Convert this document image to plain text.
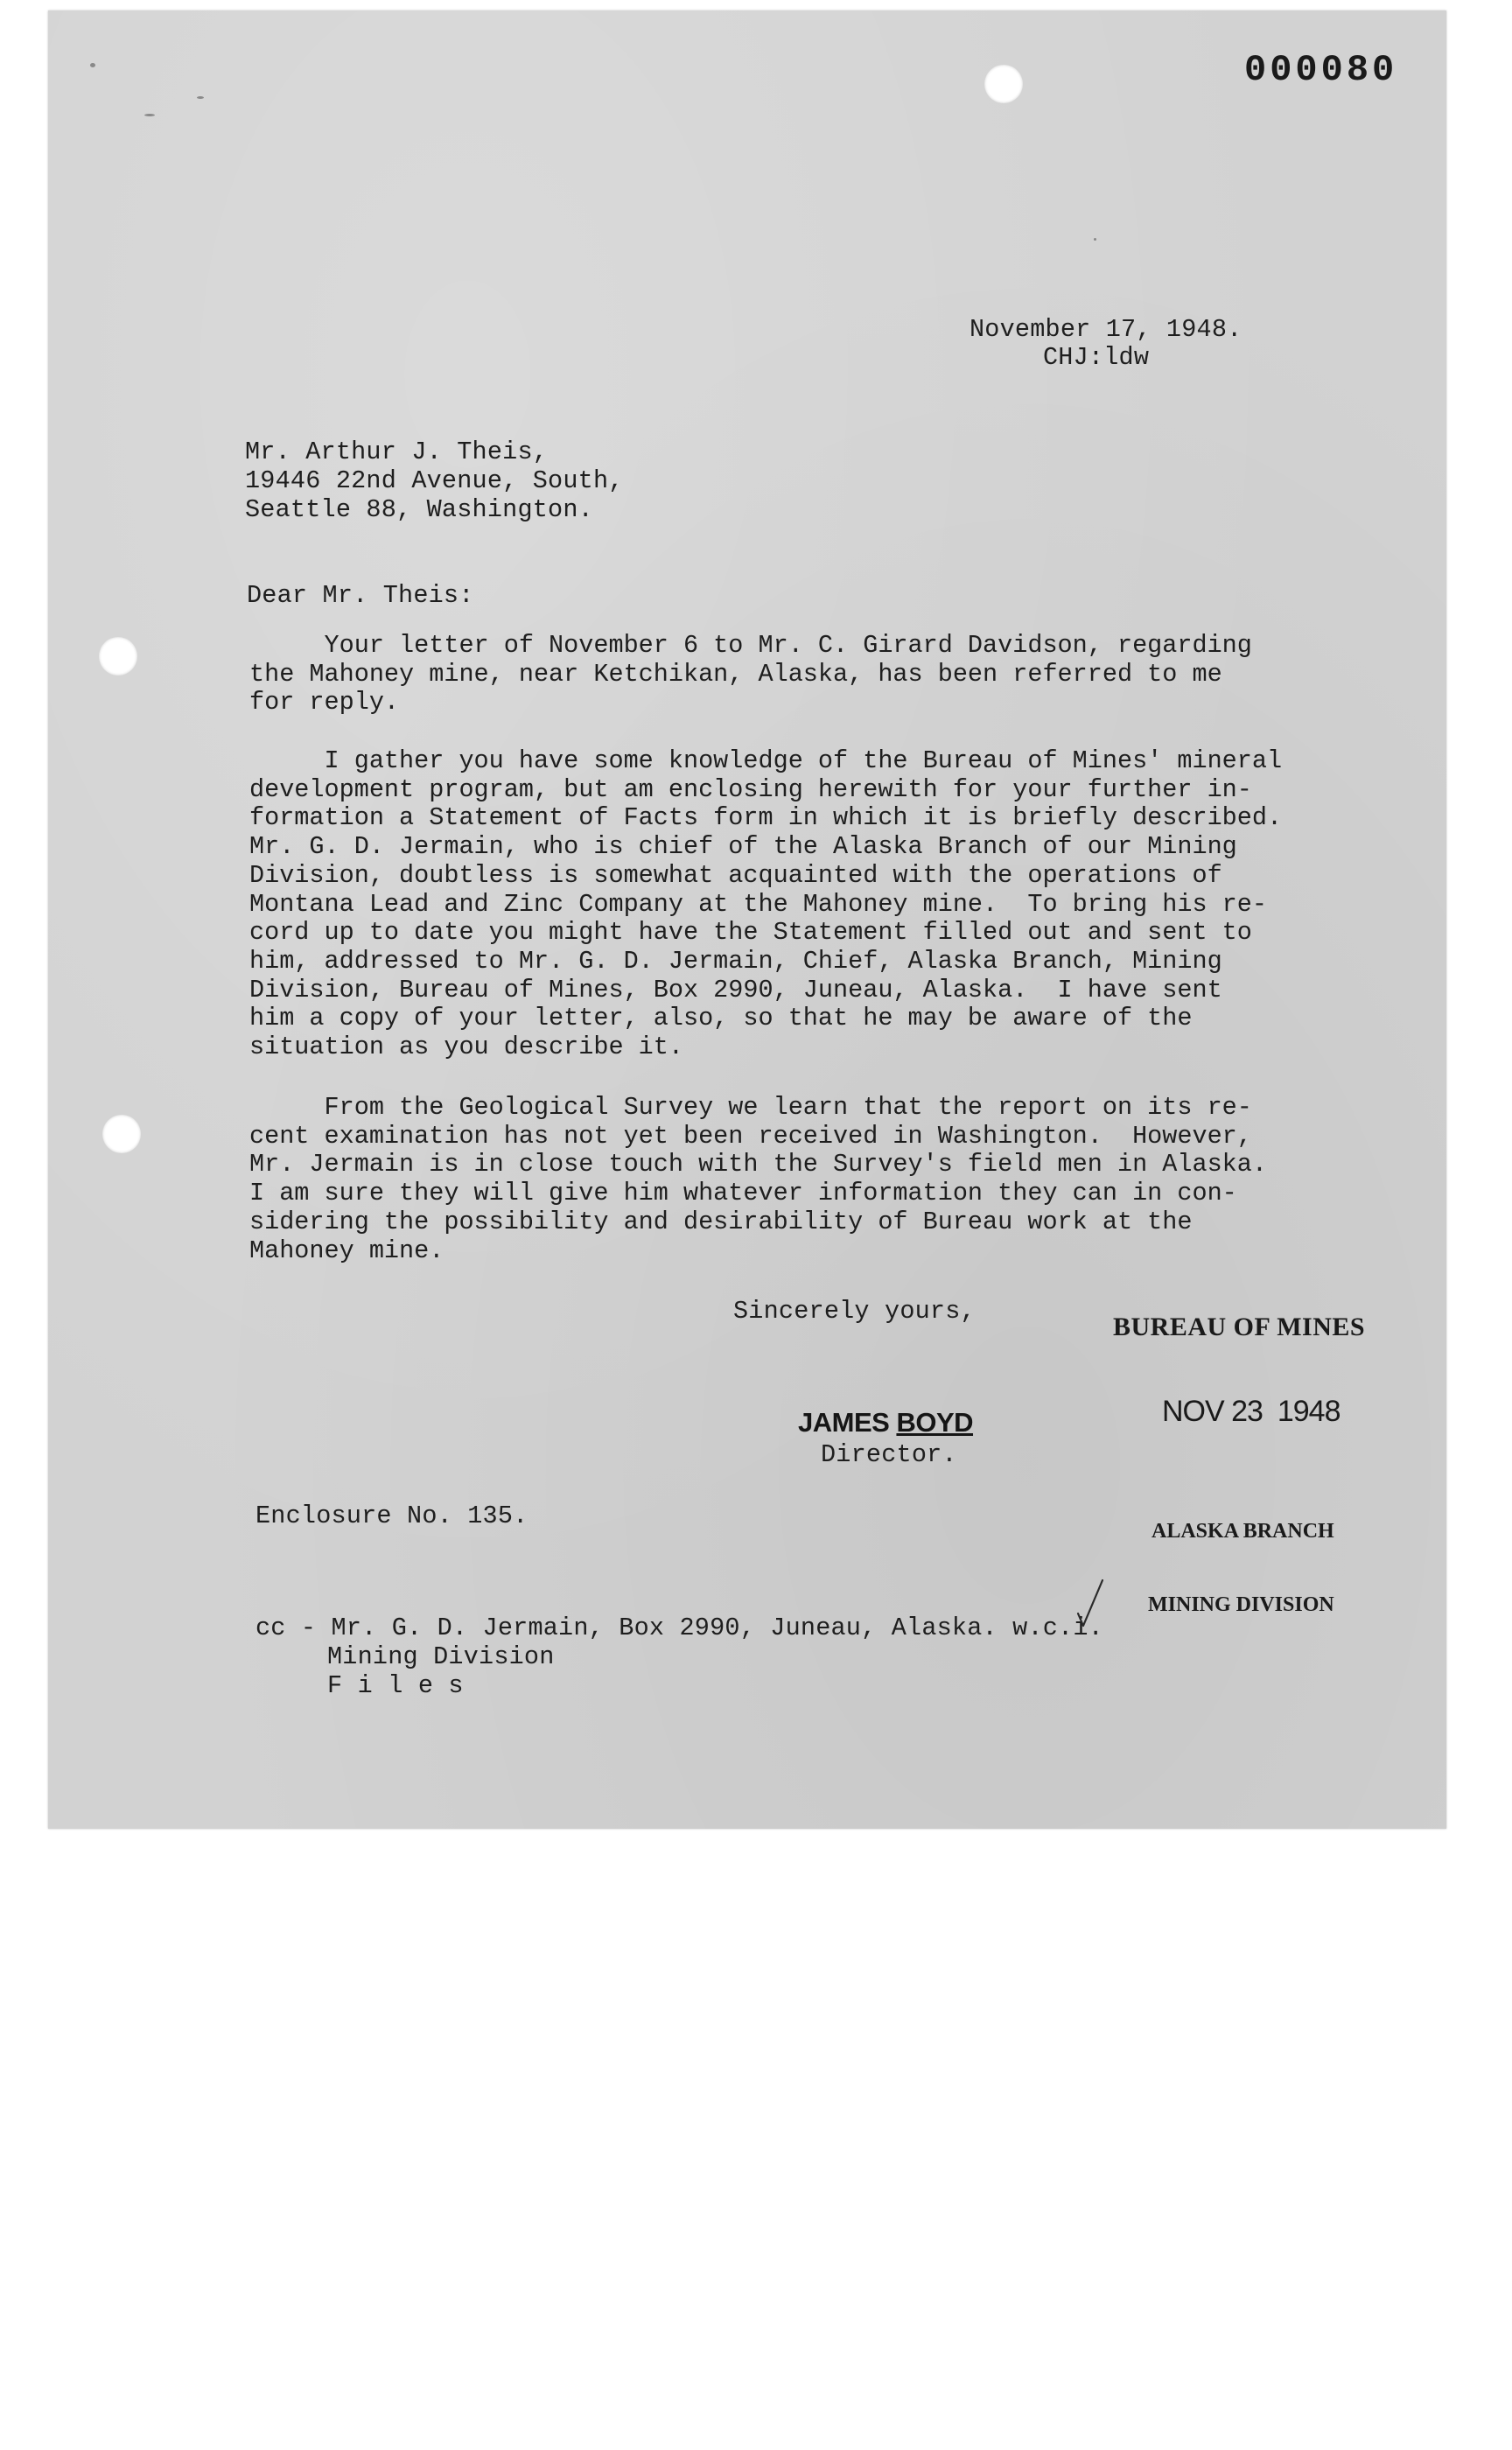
000080
November 17, 1948.
CHJ:ldw
Mr. Arthur J. Theis,
19446 22nd Avenue, South,
Seattle 88, Washington.
Dear Mr. Theis:
Your letter of November 6 to Mr. C. Girard Davidson, regarding
the Mahoney mine, near Ketchikan, Alaska, has been referred to me
for reply.
I gather you have some knowledge of the Bureau of Mines' mineral
development program, but am enclosing herewith for your further in-
formation a Statement of Facts form in which it is briefly described.
Mr. G. D. Jermain, who is chief of the Alaska Branch of our Mining
Division, doubtless is somewhat acquainted with the operations of
Montana Lead and Zinc Company at the Mahoney mine.  To bring his re-
cord up to date you might have the Statement filled out and sent to
him, addressed to Mr. G. D. Jermain, Chief, Alaska Branch, Mining
Division, Bureau of Mines, Box 2990, Juneau, Alaska.  I have sent
him a copy of your letter, also, so that he may be aware of the
situation as you describe it.
From the Geological Survey we learn that the report on its re-
cent examination has not yet been received in Washington.  However,
Mr. Jermain is in close touch with the Survey's field men in Alaska.
I am sure they will give him whatever information they can in con-
sidering the possibility and desirability of Bureau work at the
Mahoney mine.
Sincerely yours,
BUREAU OF MINES
JAMES BOYD	NOV 23  1948
Director.

ALASKA BRANCH

MINING DIVISION

Enclosure No. 135.
cc - Mr. G. D. Jermain, Box 2990, Juneau, Alaska. w.c.i.
Mining Division
F i l e s
